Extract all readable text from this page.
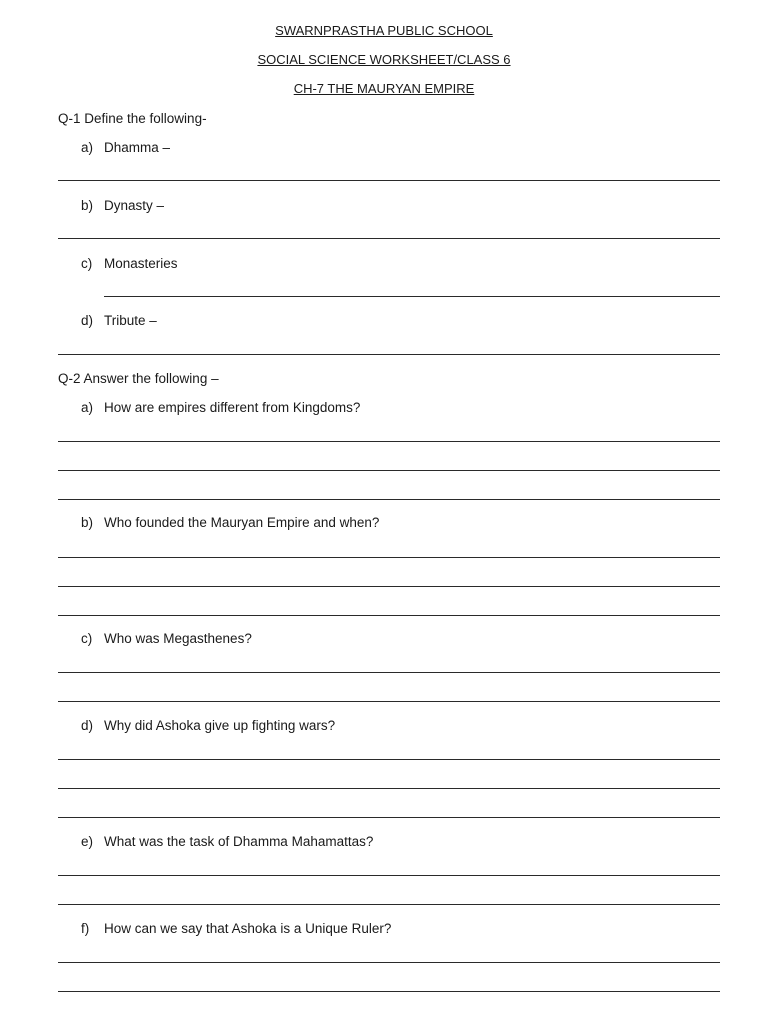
SWARNPRASTHA PUBLIC SCHOOL
SOCIAL SCIENCE WORKSHEET/CLASS 6
CH-7 THE MAURYAN EMPIRE
Q-1 Define the following-
a) Dhamma –
b) Dynasty –
c) Monasteries
d) Tribute –
Q-2 Answer the following –
a) How are empires different from Kingdoms?
b) Who founded the Mauryan Empire and when?
c) Who was Megasthenes?
d) Why did Ashoka give up fighting wars?
e) What was the task of Dhamma Mahamattas?
f) How can we say that Ashoka is a Unique Ruler?
